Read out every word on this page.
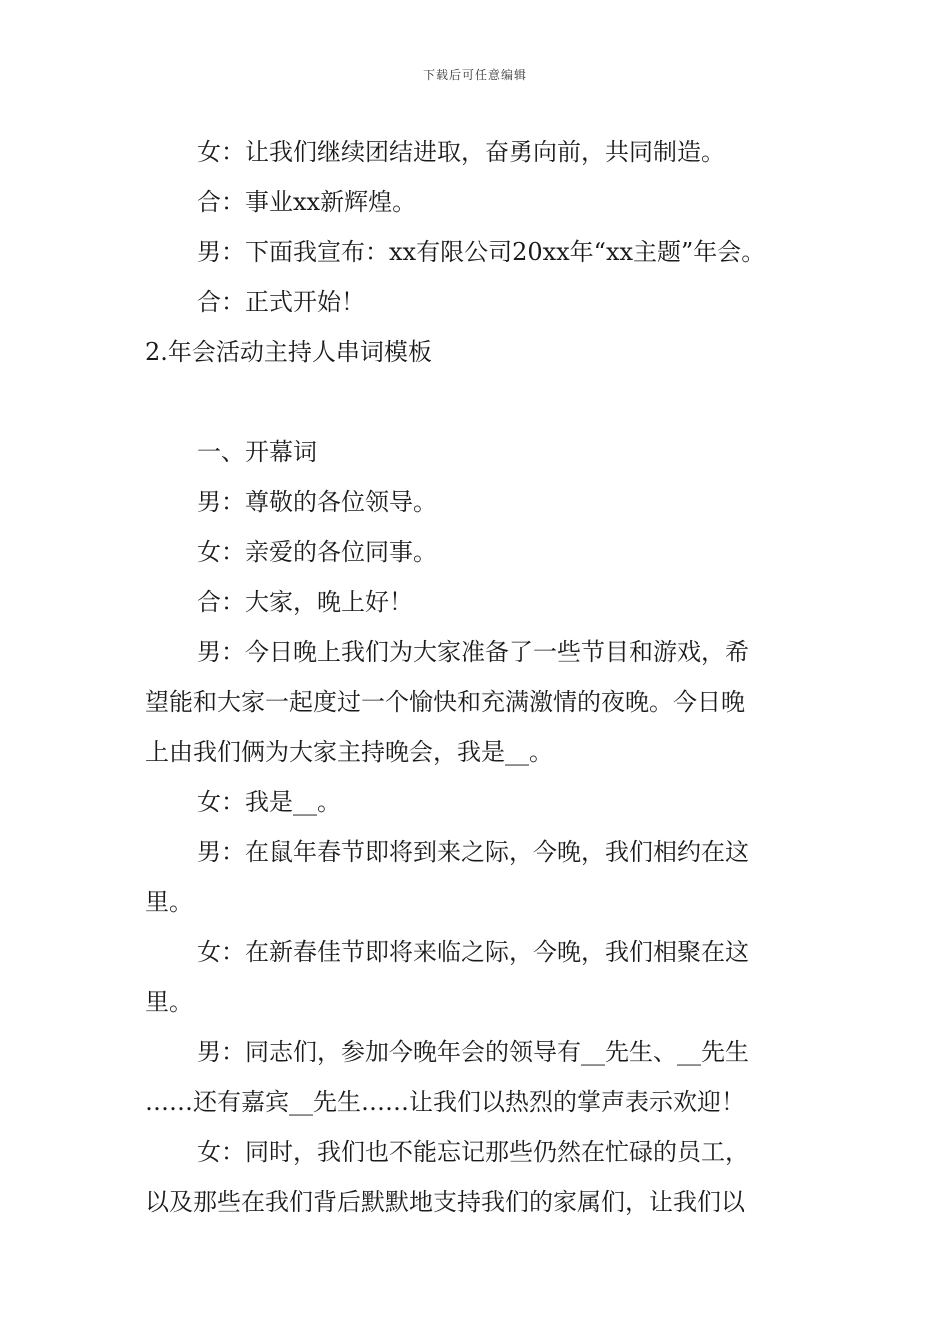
下载后可任意编辑
女：让我们继续团结进取，奋勇向前，共同制造。
合：事业xx新辉煌。
男：下面我宣布：xx有限公司20xx年“xx主题”年会。
合：正式开始！
2.年会活动主持人串词模板
一、开幕词
男：尊敬的各位领导。
女：亲爱的各位同事。
合：大家，晚上好！
男：今日晚上我们为大家准备了一些节目和游戏，希
望能和大家一起度过一个愉快和充满激情的夜晚。今日晚
上由我们俩为大家主持晚会，我是__。
女：我是__。
男：在鼠年春节即将到来之际，今晚，我们相约在这
里。
女：在新春佳节即将来临之际，今晚，我们相聚在这
里。
男：同志们，参加今晚年会的领导有__先生、__先生
……还有嘉宾__先生……让我们以热烈的掌声表示欢迎！
女：同时，我们也不能忘记那些仍然在忙碌的员工，
以及那些在我们背后默默地支持我们的家属们，让我们以
